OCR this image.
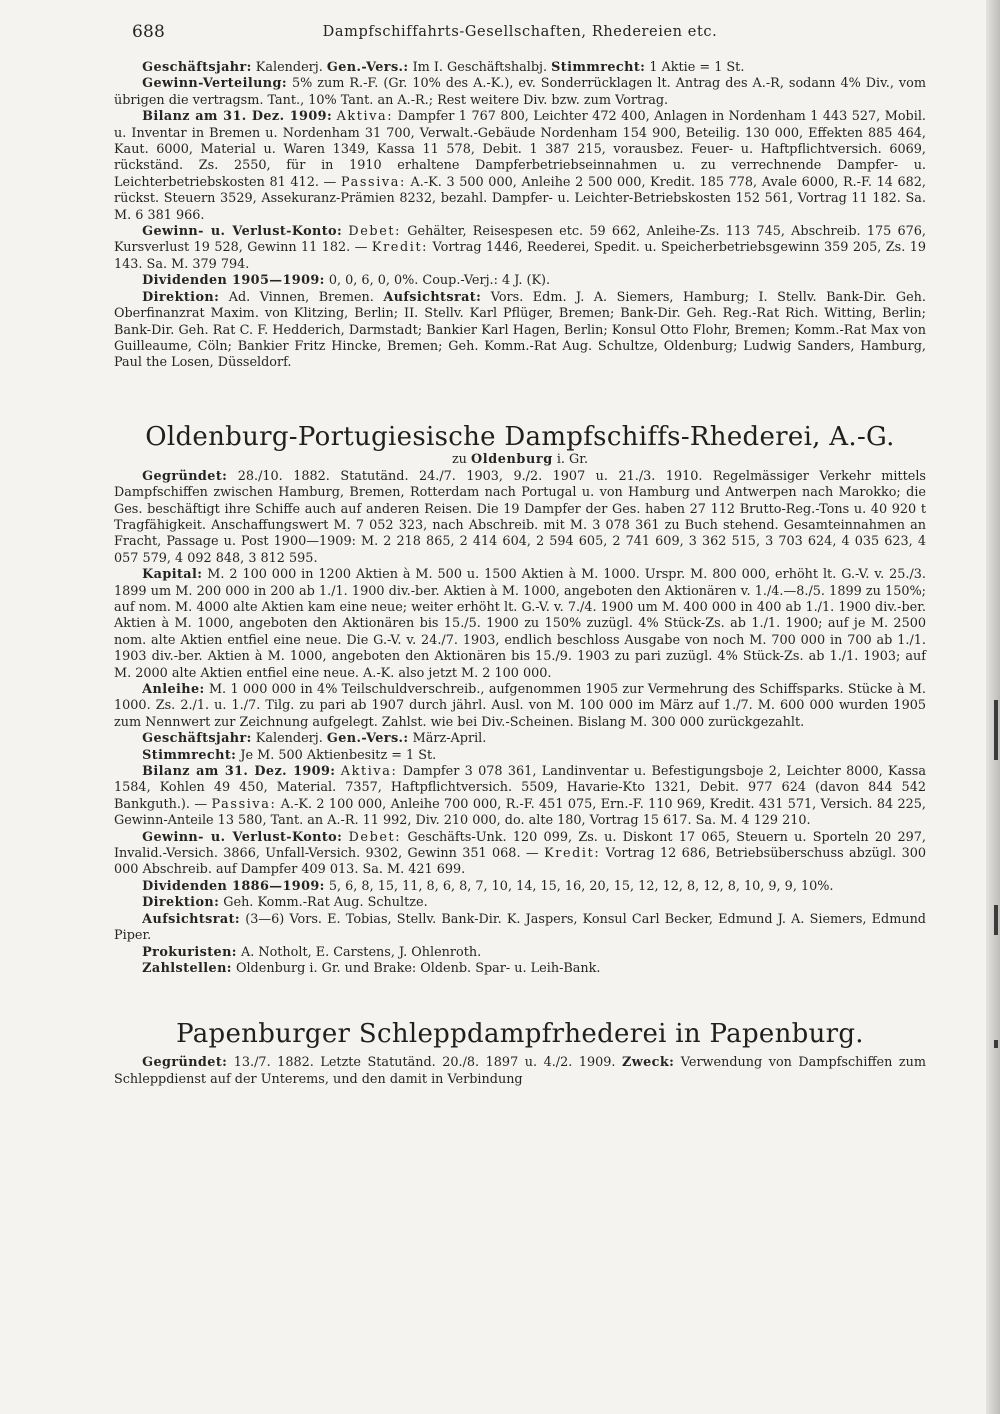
688	Dampfschiffahrts-Gesellschaften, Rhedereien etc.

Geschäftsjahr: Kalenderj. Gen.-Vers.: Im I. Geschäftshalbj. Stimmrecht: 1 Aktie = 1 St.

Gewinn-Verteilung: 5% zum R.-F. (Gr. 10% des A.-K.), ev. Sonderrücklagen lt. Antrag des A.-R, sodann 4% Div., vom übrigen die vertragsm. Tant., 10% Tant. an A.-R.; Rest weitere Div. bzw. zum Vortrag.

Bilanz am 31. Dez. 1909: Aktiva: Dampfer 1 767 800, Leichter 472 400, Anlagen in Nordenham 1 443 527, Mobil. u. Inventar in Bremen u. Nordenham 31 700, Verwalt.-Gebäude Nordenham 154 900, Beteilig. 130 000, Effekten 885 464, Kaut. 6000, Material u. Waren 1349, Kassa 11 578, Debit. 1 387 215, vorausbez. Feuer- u. Haftpflichtversich. 6069, rückständ. Zs. 2550, für in 1910 erhaltene Dampferbetriebseinnahmen u. zu verrechnende Dampfer- u. Leichterbetriebskosten 81 412. — Passiva: A.-K. 3 500 000, Anleihe 2 500 000, Kredit. 185 778, Avale 6000, R.-F. 14 682, rückst. Steuern 3529, Assekuranz-Prämien 8232, bezahl. Dampfer- u. Leichter-Betriebskosten 152 561, Vortrag 11 182. Sa. M. 6 381 966.

Gewinn- u. Verlust-Konto: Debet: Gehälter, Reisespesen etc. 59 662, Anleihe-Zs. 113 745, Abschreib. 175 676, Kursverlust 19 528, Gewinn 11 182. — Kredit: Vortrag 1446, Reederei, Spedit. u. Speicherbetriebsgewinn 359 205, Zs. 19 143. Sa. M. 379 794.

Dividenden 1905—1909: 0, 0, 6, 0, 0%. Coup.-Verj.: 4 J. (K).

Direktion: Ad. Vinnen, Bremen. Aufsichtsrat: Vors. Edm. J. A. Siemers, Hamburg; I. Stellv. Bank-Dir. Geh. Oberfinanzrat Maxim. von Klitzing, Berlin; II. Stellv. Karl Pflüger, Bremen; Bank-Dir. Geh. Reg.-Rat Rich. Witting, Berlin; Bank-Dir. Geh. Rat C. F. Hedderich, Darmstadt; Bankier Karl Hagen, Berlin; Konsul Otto Flohr, Bremen; Komm.-Rat Max von Guilleaume, Cöln; Bankier Fritz Hincke, Bremen; Geh. Komm.-Rat Aug. Schultze, Oldenburg; Ludwig Sanders, Hamburg, Paul the Losen, Düsseldorf.

Oldenburg-Portugiesische Dampfschiffs-Rhederei, A.-G.
zu Oldenburg i. Gr.

Gegründet: 28./10. 1882. Statutänd. 24./7. 1903, 9./2. 1907 u. 21./3. 1910. Regelmässiger Verkehr mittels Dampfschiffen zwischen Hamburg, Bremen, Rotterdam nach Portugal u. von Hamburg und Antwerpen nach Marokko; die Ges. beschäftigt ihre Schiffe auch auf anderen Reisen. Die 19 Dampfer der Ges. haben 27 112 Brutto-Reg.-Tons u. 40 920 t Tragfähigkeit. Anschaffungswert M. 7 052 323, nach Abschreib. mit M. 3 078 361 zu Buch stehend. Gesamteinnahmen an Fracht, Passage u. Post 1900—1909: M. 2 218 865, 2 414 604, 2 594 605, 2 741 609, 3 362 515, 3 703 624, 4 035 623, 4 057 579, 4 092 848, 3 812 595.

Kapital: M. 2 100 000 in 1200 Aktien à M. 500 u. 1500 Aktien à M. 1000. Urspr. M. 800 000, erhöht lt. G.-V. v. 25./3. 1899 um M. 200 000 in 200 ab 1./1. 1900 div.-ber. Aktien à M. 1000, angeboten den Aktionären v. 1./4.—8./5. 1899 zu 150%; auf nom. M. 4000 alte Aktien kam eine neue; weiter erhöht lt. G.-V. v. 7./4. 1900 um M. 400 000 in 400 ab 1./1. 1900 div.-ber. Aktien à M. 1000, angeboten den Aktionären bis 15./5. 1900 zu 150% zuzügl. 4% Stück-Zs. ab 1./1. 1900; auf je M. 2500 nom. alte Aktien entfiel eine neue. Die G.-V. v. 24./7. 1903, endlich beschloss Ausgabe von noch M. 700 000 in 700 ab 1./1. 1903 div.-ber. Aktien à M. 1000, angeboten den Aktionären bis 15./9. 1903 zu pari zuzügl. 4% Stück-Zs. ab 1./1. 1903; auf M. 2000 alte Aktien entfiel eine neue. A.-K. also jetzt M. 2 100 000.

Anleihe: M. 1 000 000 in 4% Teilschuldverschreib., aufgenommen 1905 zur Vermehrung des Schiffsparks. Stücke à M. 1000. Zs. 2./1. u. 1./7. Tilg. zu pari ab 1907 durch jährl. Ausl. von M. 100 000 im März auf 1./7. M. 600 000 wurden 1905 zum Nennwert zur Zeichnung aufgelegt. Zahlst. wie bei Div.-Scheinen. Bislang M. 300 000 zurückgezahlt.

Geschäftsjahr: Kalenderj. Gen.-Vers.: März-April.

Stimmrecht: Je M. 500 Aktienbesitz = 1 St.

Bilanz am 31. Dez. 1909: Aktiva: Dampfer 3 078 361, Landinventar u. Befestigungsboje 2, Leichter 8000, Kassa 1584, Kohlen 49 450, Material. 7357, Haftpflichtversich. 5509, Havarie-Kto 1321, Debit. 977 624 (davon 844 542 Bankguth.). — Passiva: A.-K. 2 100 000, Anleihe 700 000, R.-F. 451 075, Ern.-F. 110 969, Kredit. 431 571, Versich. 84 225, Gewinn-Anteile 13 580, Tant. an A.-R. 11 992, Div. 210 000, do. alte 180, Vortrag 15 617. Sa. M. 4 129 210.

Gewinn- u. Verlust-Konto: Debet: Geschäfts-Unk. 120 099, Zs. u. Diskont 17 065, Steuern u. Sporteln 20 297, Invalid.-Versich. 3866, Unfall-Versich. 9302, Gewinn 351 068. — Kredit: Vortrag 12 686, Betriebsüberschuss abzügl. 300 000 Abschreib. auf Dampfer 409 013. Sa. M. 421 699.

Dividenden 1886—1909: 5, 6, 8, 15, 11, 8, 6, 8, 7, 10, 14, 15, 16, 20, 15, 12, 12, 8, 12, 8, 10, 9, 9, 10%.

Direktion: Geh. Komm.-Rat Aug. Schultze.

Aufsichtsrat: (3—6) Vors. E. Tobias, Stellv. Bank-Dir. K. Jaspers, Konsul Carl Becker, Edmund J. A. Siemers, Edmund Piper.

Prokuristen: A. Notholt, E. Carstens, J. Ohlenroth.

Zahlstellen: Oldenburg i. Gr. und Brake: Oldenb. Spar- u. Leih-Bank.

Papenburger Schleppdampfrhederei in Papenburg.

Gegründet: 13./7. 1882. Letzte Statutänd. 20./8. 1897 u. 4./2. 1909. Zweck: Verwendung von Dampfschiffen zum Schleppdienst auf der Unterems, und den damit in Verbindung
